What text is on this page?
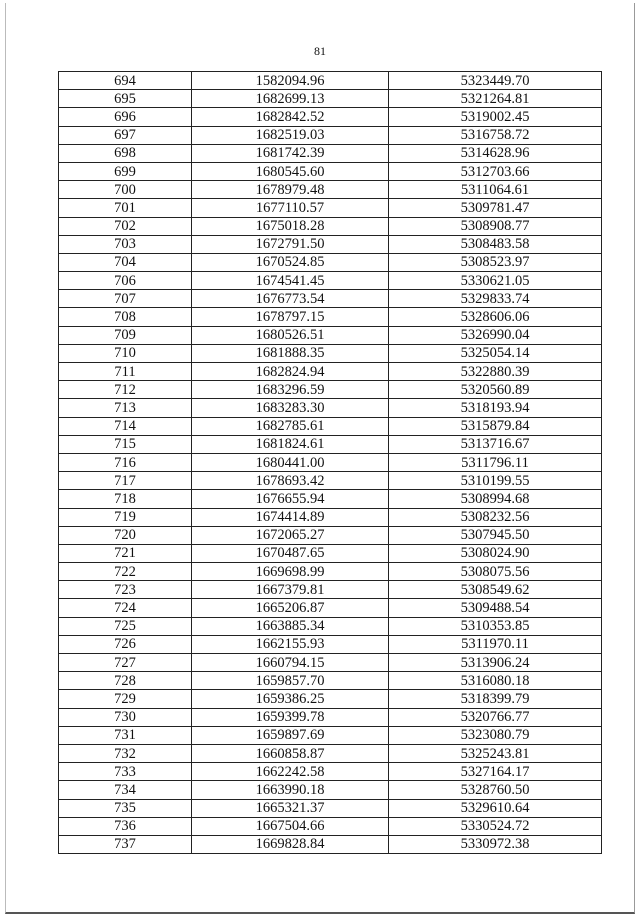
81
694	1582094.96	5323449.70
695	1682699.13	5321264.81
696	1682842.52	5319002.45
697	1682519.03	5316758.72
698	1681742.39	5314628.96
699	1680545.60	5312703.66
700	1678979.48	5311064.61
701	1677110.57	5309781.47
702	1675018.28	5308908.77
703	1672791.50	5308483.58
704	1670524.85	5308523.97
706	1674541.45	5330621.05
707	1676773.54	5329833.74
708	1678797.15	5328606.06
709	1680526.51	5326990.04
710	1681888.35	5325054.14
711	1682824.94	5322880.39
712	1683296.59	5320560.89
713	1683283.30	5318193.94
714	1682785.61	5315879.84
715	1681824.61	5313716.67
716	1680441.00	5311796.11
717	1678693.42	5310199.55
718	1676655.94	5308994.68
719	1674414.89	5308232.56
720	1672065.27	5307945.50
721	1670487.65	5308024.90
722	1669698.99	5308075.56
723	1667379.81	5308549.62
724	1665206.87	5309488.54
725	1663885.34	5310353.85
726	1662155.93	5311970.11
727	1660794.15	5313906.24
728	1659857.70	5316080.18
729	1659386.25	5318399.79
730	1659399.78	5320766.77
731	1659897.69	5323080.79
732	1660858.87	5325243.81
733	1662242.58	5327164.17
734	1663990.18	5328760.50
735	1665321.37	5329610.64
736	1667504.66	5330524.72
737	1669828.84	5330972.38
